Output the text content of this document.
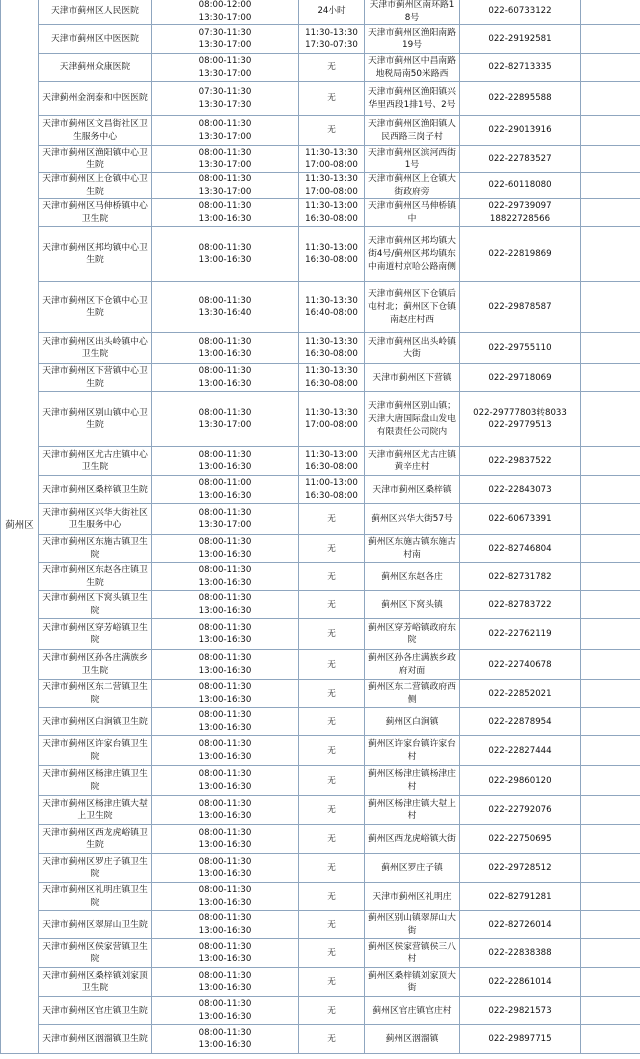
蓟州区	天津市蓟州区人民医院	08:00-12:00
13:30-17:00	24小时	天津市蓟州区南环路18号	022-60733122	
	天津市蓟州区中医医院	07:30-11:30
13:30-17:00	11:30-13:30
17:30-07:30	天津市蓟州区渔阳南路19号	022-29192581	
	天津蓟州众康医院	08:00-11:30
13:30-17:00	无	天津市蓟州区中昌南路地税局南50米路西	022-82713335	
	天津蓟州金润泰和中医医院	07:30-11:30
13:30-17:30	无	天津市蓟州区渔阳镇兴华里西段1排1号、2号	022-22895588	
	天津市蓟州区文昌街社区卫生服务中心	08:00-11:30
13:30-17:00	无	天津市蓟州区渔阳镇人民西路三岗子村	022-29013916	
	天津市蓟州区渔阳镇中心卫生院	08:00-11:30
13:30-17:00	11:30-13:30
17:00-08:00	天津市蓟州区滨河西街1号	022-22783527	
	天津市蓟州区上仓镇中心卫生院	08:00-11:30
13:30-17:00	11:30-13:30
17:00-08:00	天津市蓟州区上仓镇大街政府旁	022-60118080	
	天津市蓟州区马伸桥镇中心卫生院	08:00-11:30
13:00-16:30	11:30-13:00
16:30-08:00	天津市蓟州区马伸桥镇中	022-29739097
18822728566	
	天津市蓟州区邦均镇中心卫生院	08:00-11:30
13:00-16:30	11:30-13:00
16:30-08:00	天津市蓟州区邦均镇大街4号/蓟州区邦均镇东中南道村京哈公路南侧	022-22819869	
	天津市蓟州区下仓镇中心卫生院	08:00-11:30
13:30-16:40	11:30-13:30
16:40-08:00	天津市蓟州区下仓镇后屯村北；蓟州区下仓镇南赵庄村西	022-29878587	
	天津市蓟州区出头岭镇中心卫生院	08:00-11:30
13:00-16:30	11:30-13:30
16:30-08:00	天津市蓟州区出头岭镇大街	022-29755110	
	天津市蓟州区下营镇中心卫生院	08:00-11:30
13:00-16:30	11:30-13:30
16:30-08:00	天津市蓟州区下营镇	022-29718069	
	天津市蓟州区别山镇中心卫生院	08:00-11:30
13:30-17:00	11:30-13:30
17:00-08:00	天津市蓟州区别山镇；天津大唐国际盘山发电有限责任公司院内	022-29777803转8033
022-29779513	
	天津市蓟州区尤古庄镇中心卫生院	08:00-11:30
13:00-16:30	11:30-13:00
16:30-08:00	天津市蓟州区尤古庄镇黄辛庄村	022-29837522	
	天津市蓟州区桑梓镇卫生院	08:00-11:00
13:00-16:30	11:00-13:00
16:30-08:00	天津市蓟州区桑梓镇	022-22843073	
	天津市蓟州区兴华大街社区卫生服务中心	08:00-11:30
13:30-17:00	无	蓟州区兴华大街57号	022-60673391	
	天津市蓟州区东施古镇卫生院	08:00-11:30
13:00-16:30	无	蓟州区东施古镇东施古村南	022-82746804	
	天津市蓟州区东赵各庄镇卫生院	08:00-11:30
13:00-16:30	无	蓟州区东赵各庄	022-82731782	
	天津市蓟州区下窝头镇卫生院	08:00-11:30
13:00-16:30	无	蓟州区下窝头镇	022-82783722	
	天津市蓟州区穿芳峪镇卫生院	08:00-11:30
13:00-16:30	无	蓟州区穿芳峪镇政府东院	022-22762119	
	天津市蓟州区孙各庄满族乡卫生院	08:00-11:30
13:00-16:30	无	蓟州区孙各庄满族乡政府对面	022-22740678	
	天津市蓟州区东二营镇卫生院	08:00-11:30
13:00-16:30	无	蓟州区东二营镇政府西侧	022-22852021	
	天津市蓟州区白涧镇卫生院	08:00-11:30
13:00-16:30	无	蓟州区白涧镇	022-22878954	
	天津市蓟州区许家台镇卫生院	08:00-11:30
13:00-16:30	无	蓟州区许家台镇许家台村	022-22827444	
	天津市蓟州区杨津庄镇卫生院	08:00-11:30
13:00-16:30	无	蓟州区杨津庄镇杨津庄村	022-29860120	
	天津市蓟州区杨津庄镇大堼上卫生院	08:00-11:30
13:00-16:30	无	蓟州区杨津庄镇大堼上村	022-22792076	
	天津市蓟州区西龙虎峪镇卫生院	08:00-11:30
13:00-16:30	无	蓟州区西龙虎峪镇大街	022-22750695	
	天津市蓟州区罗庄子镇卫生院	08:00-11:30
13:00-16:30	无	蓟州区罗庄子镇	022-29728512	
	天津市蓟州区礼明庄镇卫生院	08:00-11:30
13:00-16:30	无	天津市蓟州区礼明庄	022-82791281	
	天津市蓟州区翠屏山卫生院	08:00-11:30
13:00-16:30	无	蓟州区别山镇翠屏山大街	022-82726014	
	天津市蓟州区侯家营镇卫生院	08:00-11:30
13:00-16:30	无	蓟州区侯家营镇侯三八村	022-22838388	
	天津市蓟州区桑梓镇刘家顶卫生院	08:00-11:30
13:00-16:30	无	蓟州区桑梓镇刘家顶大街	022-22861014	
	天津市蓟州区官庄镇卫生院	08:00-11:30
13:00-16:30	无	蓟州区官庄镇官庄村	022-29821573	
	天津市蓟州区洇溜镇卫生院	08:00-11:30
13:00-16:30	无	蓟州区洇溜镇	022-29897715	
